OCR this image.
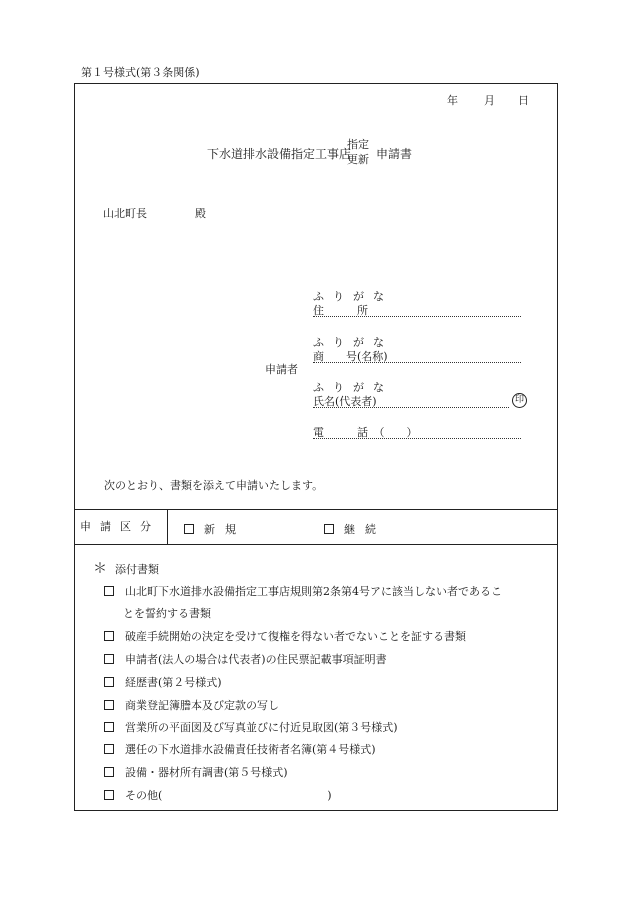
第１号様式(第３条関係)
年 月 日
下水道排水設備指定工事店
指定
更新 申請書
山北町長	殿
ふ り が な
住　　　所
ふ り が な
商　　号(名称)
申請者
ふ り が な
氏名(代表者)	印
電　　　話　（　　）
次のとおり、書類を添えて申請いたします。
申請区分	新規	継続
＊ 添付書類
山北町下水道排水設備指定工事店規則第2条第4号アに該当しない者であるこ
とを誓約する書類
破産手続開始の決定を受けて復権を得ない者でないことを証する書類
申請者(法人の場合は代表者)の住民票記載事項証明書
経歴書(第２号様式)
商業登記簿謄本及び定款の写し
営業所の平面図及び写真並びに付近見取図(第３号様式)
選任の下水道排水設備責任技術者名簿(第４号様式)
設備・器材所有調書(第５号様式)
その他(　　　　　　　　　　　　　　　)
